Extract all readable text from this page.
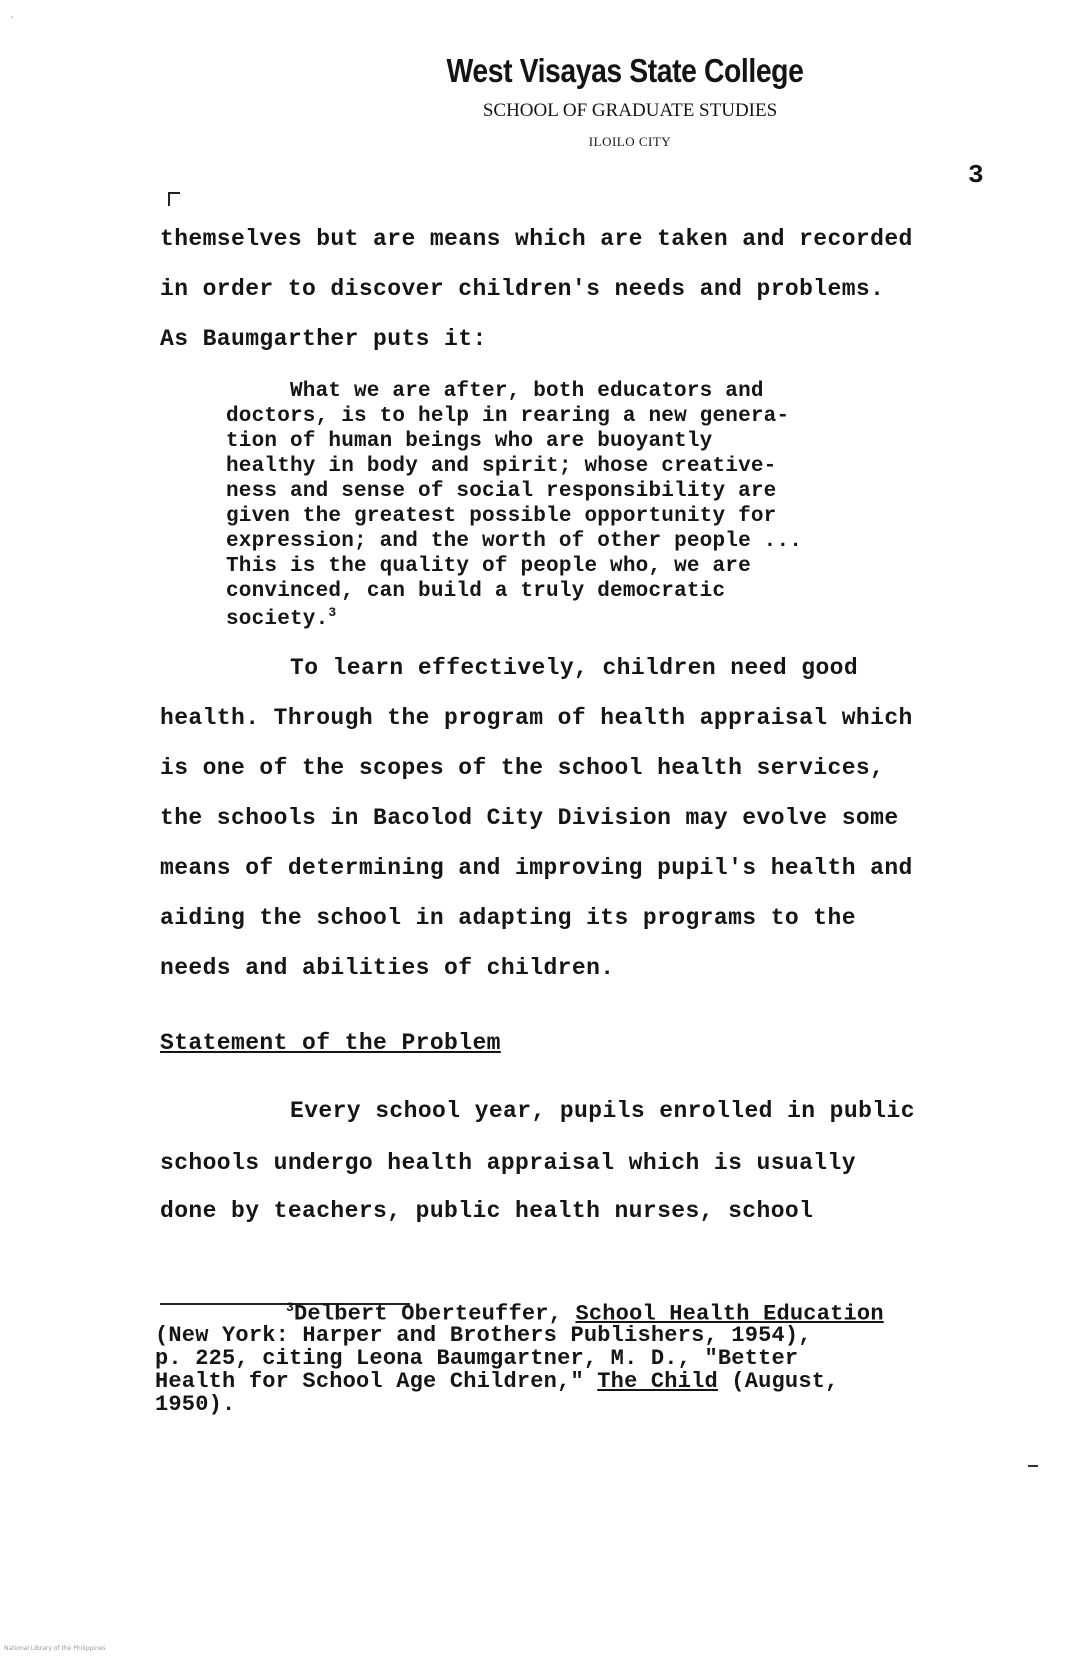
'
West Visayas State College
SCHOOL OF GRADUATE STUDIES
ILOILO CITY
3

themselves but are means which are taken and recorded

in order to discover children's needs and problems.

As Baumgarther puts it:

What we are after, both educators and

doctors, is to help in rearing a new genera-

tion of human beings who are buoyantly

healthy in body and spirit; whose creative-

ness and sense of social responsibility are

given the greatest possible opportunity for

expression; and the worth of other people ...

This is the quality of people who, we are

convinced, can build a truly democratic

society.$^3$

To learn effectively, children need good

health. Through the program of health appraisal which

is one of the scopes of the school health services,

the schools in Bacolod City Division may evolve some

means of determining and improving pupil's health and

aiding the school in adapting its programs to the

needs and abilities of children.

Statement of the Problem

Every school year, pupils enrolled in public

schools undergo health appraisal which is usually

done by teachers, public health nurses, school

$^3$Delbert Oberteuffer, School Health Education

(New York: Harper and Brothers Publishers, 1954),

p. 225, citing Leona Baumgartner, M. D., "Better

Health for School Age Children," The Child (August,

1950).

National Library of the Philippines
